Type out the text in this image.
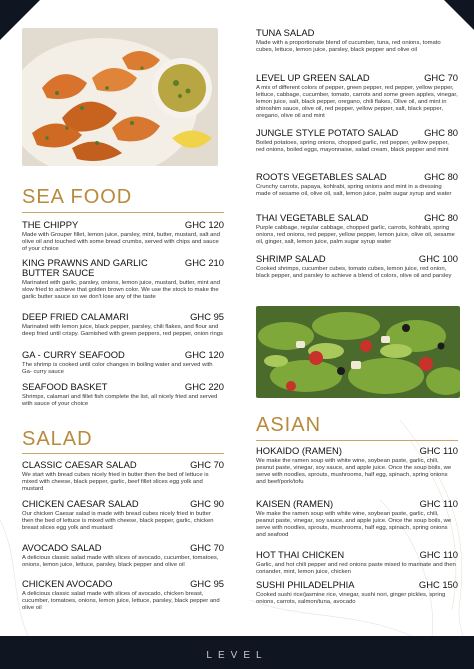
SEA FOOD
THE CHIPPY	GHC 120
Made with Grouper fillet, lemon juice, parsley, mint, butter, mustard, salt and olive oil and touched with some bread crumbs, served with chips and sauce of your choice
KING PRAWNS AND GARLIC BUTTER SAUCE
GHC 210
Marinated with garlic, parsley, onions, lemon juice, mustard, butter, mint and slow fried to achieve that golden brown color. We use the stock to make the garlic butter sauce so we don't lose any of the taste
DEEP FRIED CALAMARI	GHC 95
Marinated with lemon juice, black pepper, parsley, chili flakes, and flour and deep fried until crispy. Garnished with green peppers, red pepper, onion rings
GA - CURRY SEAFOOD	GHC 120
The shrimp is cooked until color changes in boiling water and served with Ga- curry sauce
SEAFOOD BASKET	GHC 220
Shrimps, calamari and fillet fish complete the list, all nicely fried and served with sauce of your choice
SALAD
CLASSIC CAESAR SALAD	GHC 70
We start with bread cubes nicely fried in butter then the bed of lettuce is mixed with cheese, black pepper, garlic, beef fillet slices egg yolk and mustard
CHICKEN CAESAR SALAD	GHC 90
Our chicken Caesar salad is made with bread cubes nicely fried in butter then the bed of lettuce is mixed with cheese, black pepper, garlic, chicken breast slices egg yolk and mustard
AVOCADO SALAD	GHC 70
A delicious classic salad made with slices of avocado, cucumber, tomatoes, onions, lemon juice, lettuce, parsley, black pepper and olive oil
CHICKEN AVOCADO	GHC 95
A delicious classic salad made with slices of avocado, chicken breast, cucumber, tomatoes, onions, lemon juice, lettuce, parsley, black pepper and olive oil
TUNA SALAD
Made with a proportionate blend of cucumber, tuna, red onions, tomato cubes, lettuce, lemon juice, parsley, black pepper and olive oil
LEVEL UP GREEN SALAD	GHC 70
A mix of different colors of pepper, green pepper, red pepper, yellow pepper, lettuce, cabbage, cucumber, tomato, carrots and some green apples, vinegar, lemon juice, salt, black pepper, oregano, chili flakes, Olive oil, and mint in shiroshim sauce, olive oil, red pepper, yellow pepper, salt, black pepper, oregano, olive oil and mint
JUNGLE STYLE POTATO SALAD	GHC 80
Boiled potatoes, spring onions, chopped garlic, red pepper, yellow pepper, red onions, boiled eggs, mayonnaise, salad cream, black pepper and mint
ROOTS VEGETABLES SALAD	GHC 80
Crunchy carrots, papaya, kohlrabi, spring onions and mint in a dressing made of sesame oil, olive oil, salt, lemon juice, palm sugar syrup and water
THAI VEGETABLE SALAD	GHC 80
Purple cabbage, regular cabbage, chopped garlic, carrots, kohlrabi, spring onions, red onions, red pepper, yellow pepper, lemon juice, olive oil, sesame oil, ginger, salt, lemon juice, palm sugar syrup water
SHRIMP SALAD	GHC 100
Cooked shrimps, cucumber cubes, tomato cubes, lemon juice, red onion, black pepper, and parsley to achieve a blend of colors, olive oil and parsley
ASIAN
HOKAIDO (RAMEN)	GHC 110
We make the ramen soup with white wine, soybean paste, garlic, chili, peanut paste, vinegar, soy sauce, and apple juice. Once the soup boils, we serve with noodles, sprouts, mushrooms, half egg, spinach, spring onions and beef/pork/tofu
KAISEN (RAMEN)	GHC 110
We make the ramen soup with white wine, soybean paste, garlic, chili, peanut paste, vinegar, soy sauce, and apple juice. Once the soup boils, we serve with noodles, sprouts, mushrooms, half egg, spinach, spring onions and seafood
HOT THAI CHICKEN	GHC 110
Garlic, and hot chili pepper and red onions paste mixed to marinate and then coriander, mint, lemon juice, chicken
SUSHI PHILADELPHIA	GHC 150
Cooked sushi rice/jasmine rice, vinegar, sushi nori, ginger pickles, spring onions, carrots, salmon/tuna, avocado
LEVEL
